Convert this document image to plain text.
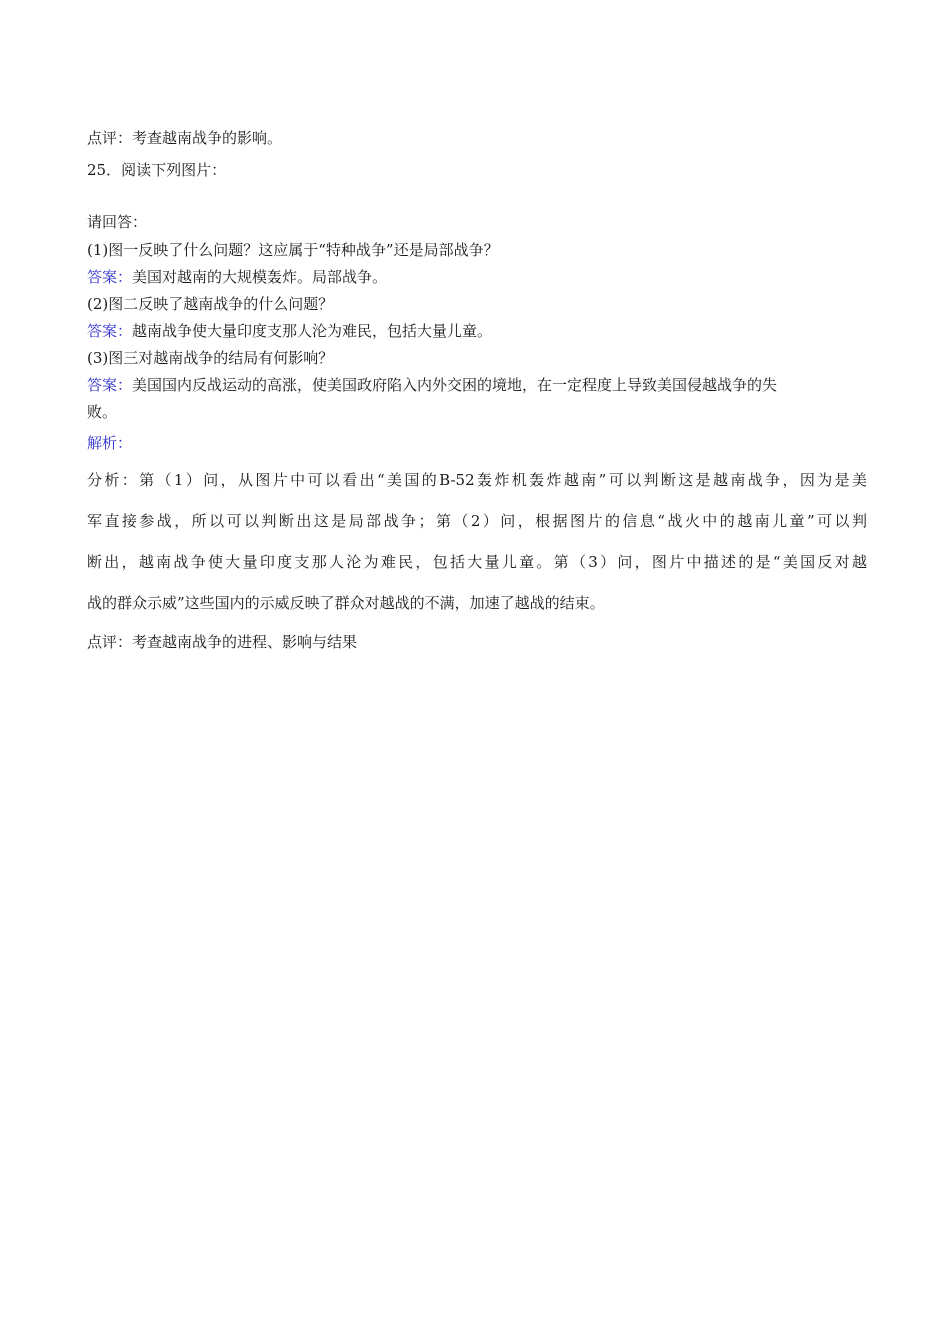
点评：考查越南战争的影响。
25．阅读下列图片：
请回答：
(1)图一反映了什么问题？这应属于“特种战争”还是局部战争？
答案：美国对越南的大规模轰炸。局部战争。
(2)图二反映了越南战争的什么问题？
答案：越南战争使大量印度支那人沦为难民，包括大量儿童。
(3)图三对越南战争的结局有何影响？
答案：美国国内反战运动的高涨，使美国政府陷入内外交困的境地，在一定程度上导致美国侵越战争的失
败。
解析：
分析：第（1）问，从图片中可以看出“美国的B-52轰炸机轰炸越南”可以判断这是越南战争，因为是美
军直接参战，所以可以判断出这是局部战争；第（2）问，根据图片的信息“战火中的越南儿童”可以判
断出，越南战争使大量印度支那人沦为难民，包括大量儿童。第（3）问，图片中描述的是“美国反对越
战的群众示威”这些国内的示威反映了群众对越战的不满，加速了越战的结束。
点评：考查越南战争的进程、影响与结果
